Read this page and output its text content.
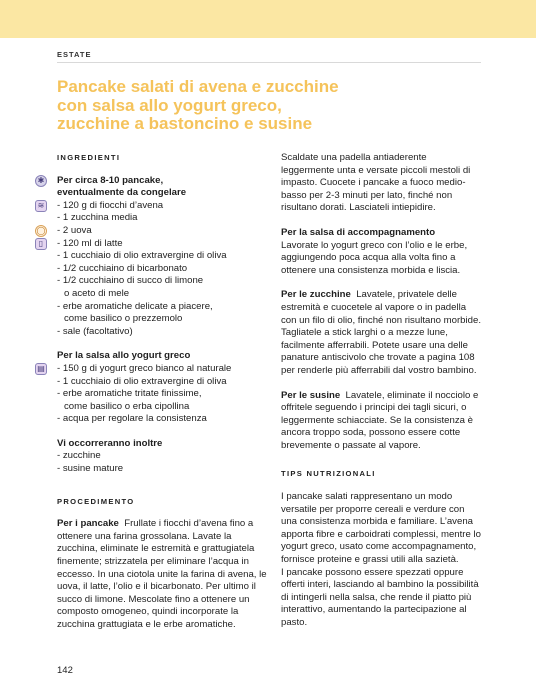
ESTATE
Pancake salati di avena e zucchine
con salsa allo yogurt greco,
zucchine a bastoncino e susine
INGREDIENTI
✱ Per circa 8-10 pancake,
eventualmente da congelare
≋ - 120 g di fiocchi d’avena
- 1 zucchina media
◯ - 2 uova
▯	- 120 ml di latte
- 1 cucchiaio di olio extravergine di oliva
- 1/2 cucchiaino di bicarbonato
- 1/2 cucchiaino di succo di limone
o aceto di mele
- erbe aromatiche delicate a piacere,
come basilico o prezzemolo
- sale (facoltativo)
Per la salsa allo yogurt greco
▤ - 150 g di yogurt greco bianco al naturale
- 1 cucchiaio di olio extravergine di oliva
- erbe aromatiche tritate finissime,
come basilico o erba cipollina
- acqua per regolare la consistenza
Vi occorreranno inoltre
- zucchine
- susine mature
PROCEDIMENTO

Per i pancake Frullate i fiocchi d’avena fino a ottenere una farina grossolana. Lavate la zucchina, eliminate le estremità e grattugiatela finemente; strizzatela per eliminare l’acqua in eccesso. In una ciotola unite la farina di avena, le uova, il latte, l’olio e il bicarbonato. Per ultimo il succo di limone. Mescolate fino a ottenere un composto omogeneo, quindi incorporate la zucchina grattugiata e le erbe aromatiche.

Scaldate una padella antiaderente leggermente unta e versate piccoli mestoli di impasto. Cuocete i pancake a fuoco medio-basso per 2-3 minuti per lato, finché non risultano dorati. Lasciateli intiepidire.

Per la salsa di accompagnamento
Lavorate lo yogurt greco con l’olio e le erbe, aggiungendo poca acqua alla volta fino a ottenere una consistenza morbida e liscia.

Per le zucchine Lavatele, privatele delle estremità e cuocetele al vapore o in padella con un filo di olio, finché non risultano morbide. Tagliatele a stick larghi o a mezze lune, facilmente afferrabili. Potete usare una delle panature antiscivolo che trovate a pagina 108 per renderle più afferrabili dal vostro bambino.

Per le susine Lavatele, eliminate il nocciolo e offritele seguendo i principi dei tagli sicuri, o leggermente schiacciate. Se la consistenza è ancora troppo soda, possono essere cotte brevemente o passate al vapore.

TIPS NUTRIZIONALI

I pancake salati rappresentano un modo versatile per proporre cereali e verdure con una consistenza morbida e familiare. L’avena apporta fibre e carboidrati complessi, mentre lo yogurt greco, usato come accompagnamento, fornisce proteine e grassi utili alla sazietà.

I pancake possono essere spezzati oppure offerti interi, lasciando al bambino la possibilità di intingerli nella salsa, che rende il piatto più interattivo, aumentando la partecipazione al pasto.

142
